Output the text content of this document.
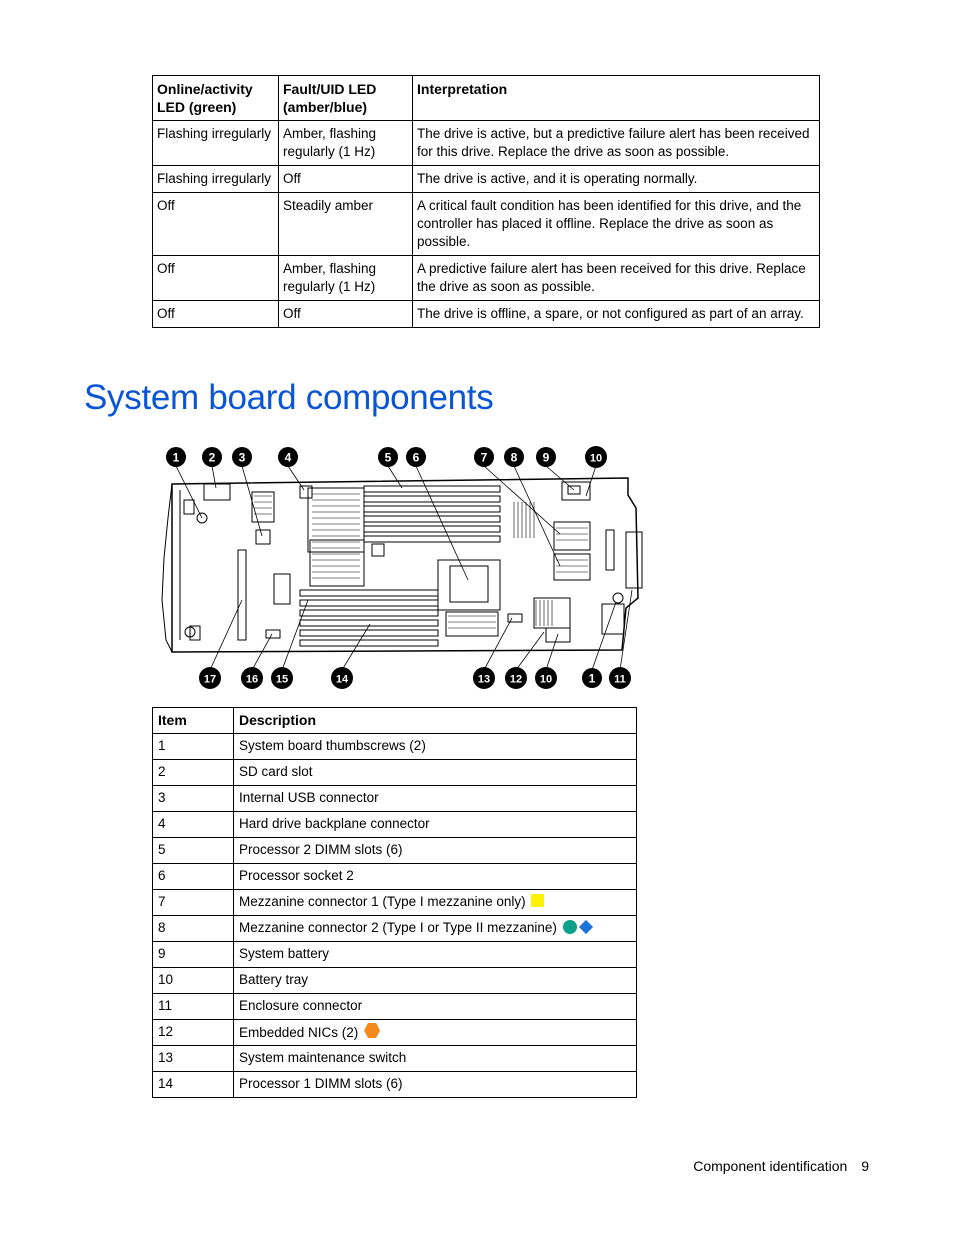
Online/activity LED (green)	Fault/UID LED (amber/blue)	Interpretation
Flashing irregularly	Amber, flashing regularly (1 Hz)	The drive is active, but a predictive failure alert has been received for this drive. Replace the drive as soon as possible.
Flashing irregularly	Off	The drive is active, and it is operating normally.
Off	Steadily amber	A critical fault condition has been identified for this drive, and the controller has placed it offline. Replace the drive as soon as possible.
Off	Amber, flashing regularly (1 Hz)	A predictive failure alert has been received for this drive. Replace the drive as soon as possible.
Off	Off	The drive is offline, a spare, or not configured as part of an array.
System board components
1 2 3	4	5 6	7 8 9	10
17	16 15	14	13 12 10	1 11
Item	Description
1	System board thumbscrews (2)
2	SD card slot
3	Internal USB connector
4	Hard drive backplane connector
5	Processor 2 DIMM slots (6)
6	Processor socket 2
7	Mezzanine connector 1 (Type I mezzanine only)
8	Mezzanine connector 2 (Type I or Type II mezzanine)
9	System battery
10	Battery tray
11	Enclosure connector
12	Embedded NICs (2)
13	System maintenance switch
14	Processor 1 DIMM slots (6)
Component identification 9
